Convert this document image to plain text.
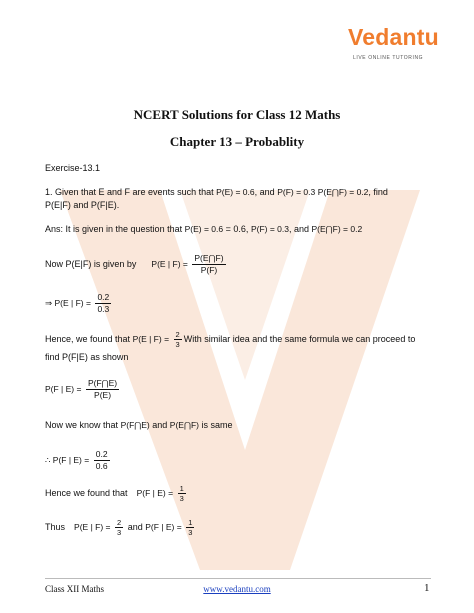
Vedantu
LIVE ONLINE TUTORING
NCERT Solutions for Class 12 Maths
Chapter 13 – Probablity
Exercise-13.1
1. Given that E and F are events such that P(E) = 0.6, and P(F) = 0.3 P(E⋂F) = 0.2, find
P(E|F) and P(F|E).
Ans: It is given in the question that P(E) = 0.6 = 0.6, P(F) = 0.3, and P(E⋂F) = 0.2
Now P(E|F) is given by P(E | $F) = \frac{P(E⋂F)}{P(F)}$
⇒ P(E | $F) = \frac{0.2}{0.3}$
Hence, we found that P(E | $F) = \frac{2}{3}$ With similar idea and the same formula we can proceed to
find P(F|E) as shown
P(F | $E) = \frac{P(F⋂E)}{P(E)}$
Now we know that P(F⋂E) and P(E⋂F) is same
∴ P(F | $E) = \frac{0.2}{0.6}$
Hence we found that P(F | $E) = \frac{1}{3}$
Thus P(E | $F) = \frac{2}{3}$ and P(F | $E) = \frac{1}{3}$
Class XII Maths	www.vedantu.com	1
